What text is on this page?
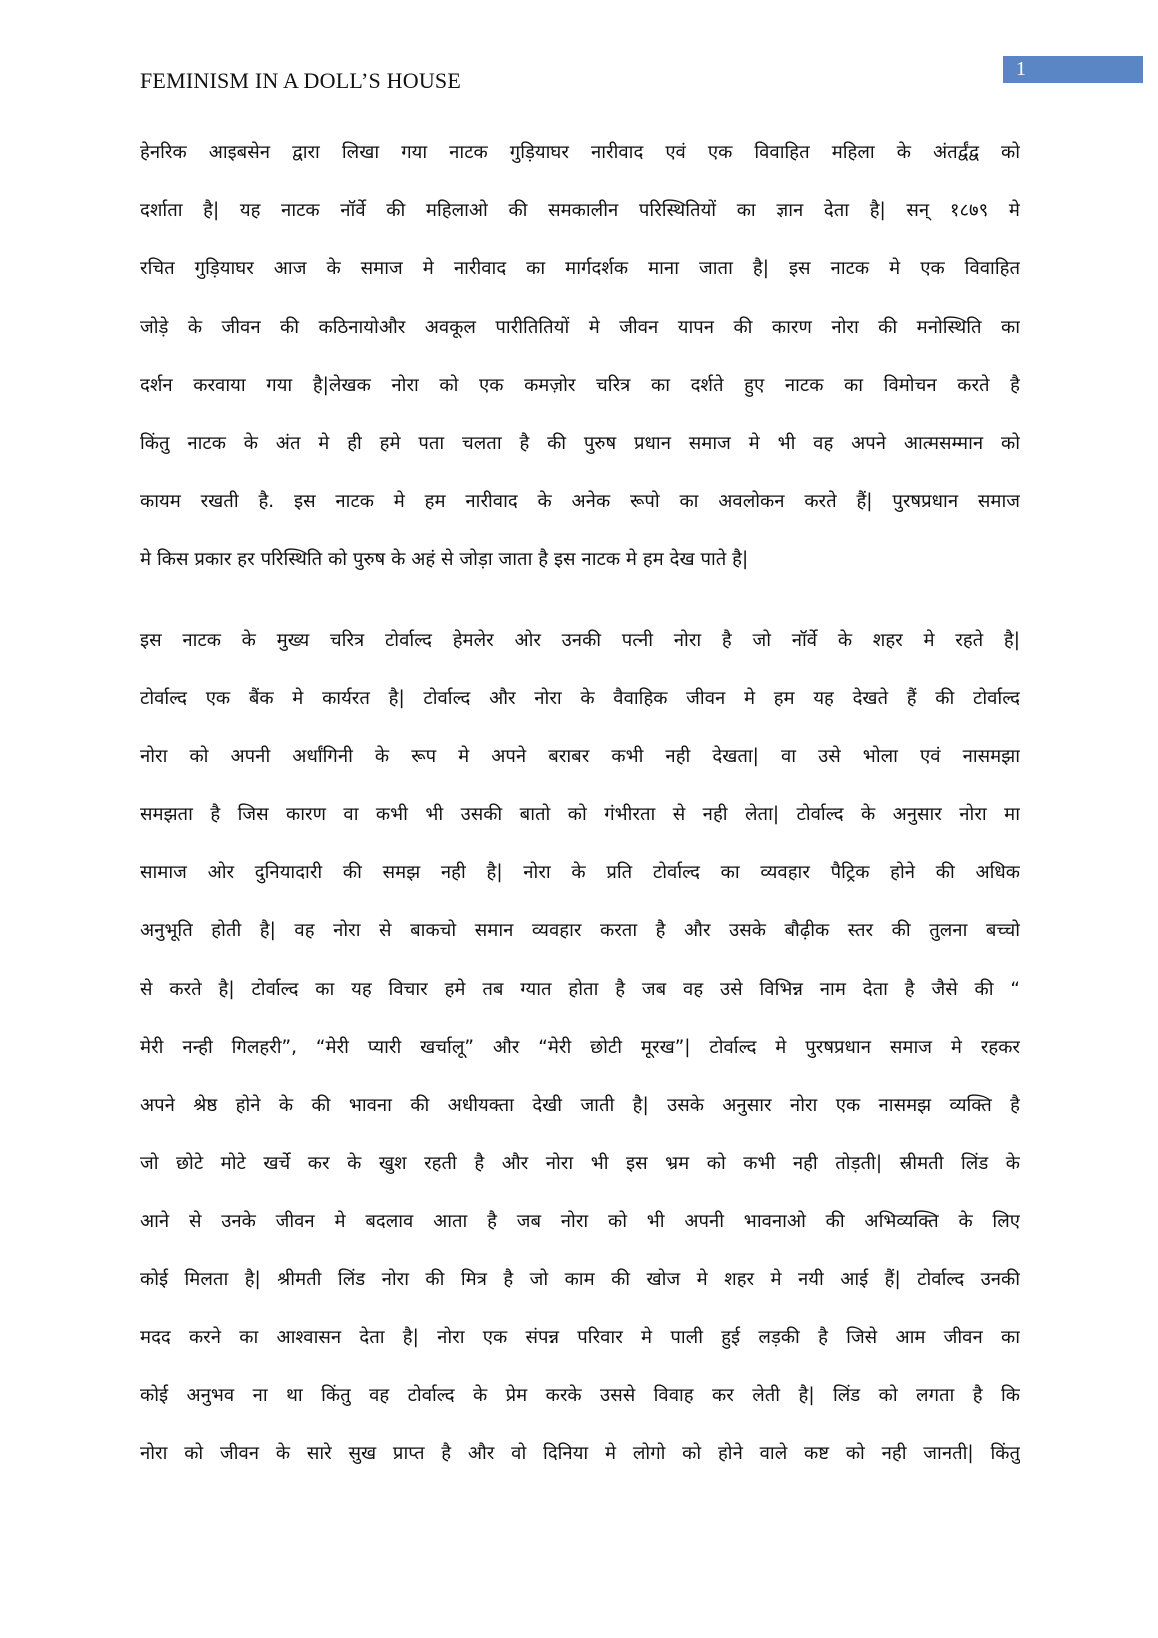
FEMINISM IN A DOLL’S HOUSE	1
हेनरिक आइबसेन द्वारा लिखा गया नाटक गुड़ियाघर नारीवाद एवं एक विवाहित महिला के अंतर्द्वंद्व को
दर्शाता है| यह नाटक नॉर्वे की महिलाओ की समकालीन परिस्थितियों का ज्ञान देता है| सन् १८७९ मे
रचित गुड़ियाघर आज के समाज मे नारीवाद का मार्गदर्शक माना जाता है| इस नाटक मे एक विवाहित
जोड़े के जीवन की कठिनायोऔर अवकूल पारीतितियों मे जीवन यापन की कारण नोरा की मनोस्थिति का
दर्शन करवाया गया है|लेखक नोरा को एक कमज़ोर चरित्र का दर्शते हुए नाटक का विमोचन करते है
किंतु नाटक के अंत मे ही हमे पता चलता है की पुरुष प्रधान समाज मे भी वह अपने आत्मसम्मान को
कायम रखती है. इस नाटक मे हम नारीवाद के अनेक रूपो का अवलोकन करते हैं| पुरषप्रधान समाज
मे किस प्रकार हर परिस्थिति को पुरुष के अहं से जोड़ा जाता है इस नाटक मे हम देख पाते है|
इस नाटक के मुख्य चरित्र टोर्वाल्द हेमलेर ओर उनकी पत्नी नोरा है जो नॉर्वे के शहर मे रहते है|
टोर्वाल्द एक बैंक मे कार्यरत है| टोर्वाल्द और नोरा के वैवाहिक जीवन मे हम यह देखते हैं की टोर्वाल्द
नोरा को अपनी अर्धांगिनी के रूप मे अपने बराबर कभी नही देखता| वा उसे भोला एवं नासमझा
समझता है जिस कारण वा कभी भी उसकी बातो को गंभीरता से नही लेता| टोर्वाल्द के अनुसार नोरा मा
सामाज ओर दुनियादारी की समझ नही है| नोरा के प्रति टोर्वाल्द का व्यवहार पैट्रिक होने की अधिक
अनुभूति होती है| वह नोरा से बाकचो समान व्यवहार करता है और उसके बौढ़ीक स्तर की तुलना बच्चो
से करते है| टोर्वाल्द का यह विचार हमे तब ग्यात होता है जब वह उसे विभिन्न नाम देता है जैसे की “
मेरी नन्ही गिलहरी”, “मेरी प्यारी खर्चालू” और “मेरी छोटी मूरख”| टोर्वाल्द मे पुरषप्रधान समाज मे रहकर
अपने श्रेष्ठ होने के की भावना की अधीयक्ता देखी जाती है| उसके अनुसार नोरा एक नासमझ व्यक्ति है
जो छोटे मोटे खर्चे कर के खुश रहती है और नोरा भी इस भ्रम को कभी नही तोड़ती| स्रीमती लिंड के
आने से उनके जीवन मे बदलाव आता है जब नोरा को भी अपनी भावनाओ की अभिव्यक्ति के लिए
कोई मिलता है| श्रीमती लिंड नोरा की मित्र है जो काम की खोज मे शहर मे नयी आई हैं| टोर्वाल्द उनकी
मदद करने का आश्वासन देता है| नोरा एक संपन्न परिवार मे पाली हुई लड़की है जिसे आम जीवन का
कोई अनुभव ना था किंतु वह टोर्वाल्द के प्रेम करके उससे विवाह कर लेती है| लिंड को लगता है कि
नोरा को जीवन के सारे सुख प्राप्त है और वो दिनिया मे लोगो को होने वाले कष्ट को नही जानती| किंतु
